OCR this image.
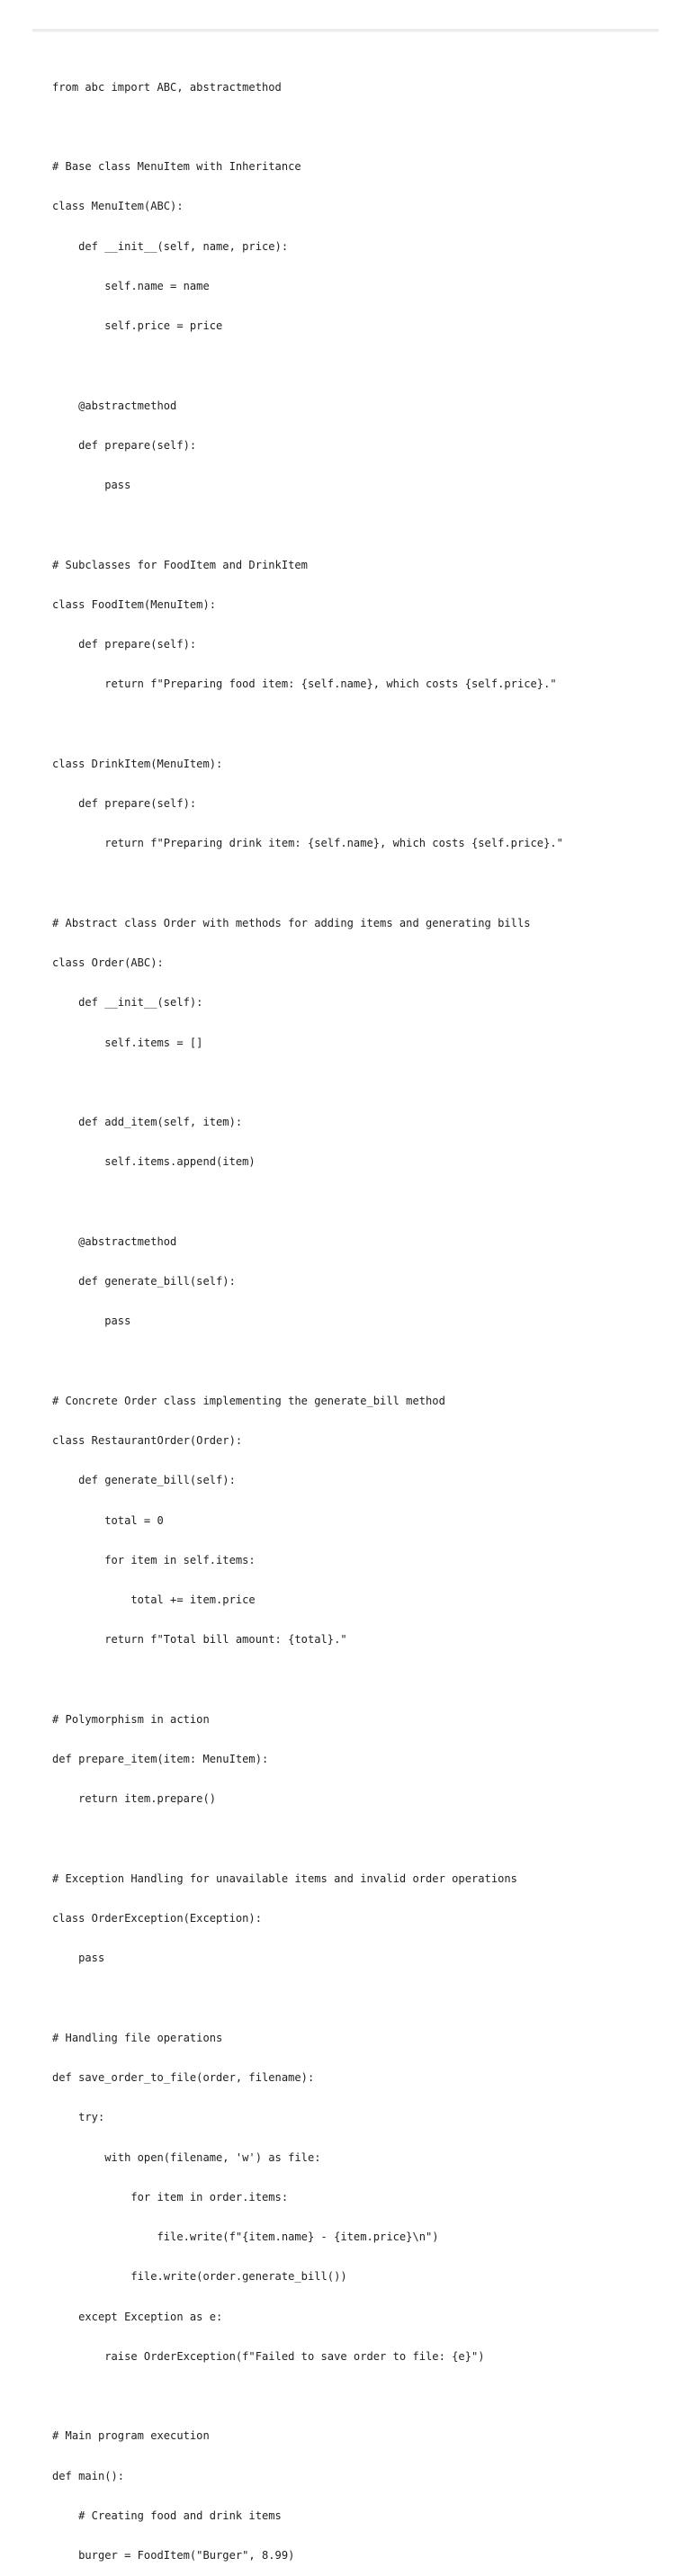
from abc import ABC, abstractmethod

# Base class MenuItem with Inheritance

class MenuItem(ABC):

def __init__(self, name, price):

self.name = name

self.price = price

@abstractmethod

def prepare(self):

pass

# Subclasses for FoodItem and DrinkItem

class FoodItem(MenuItem):

def prepare(self):

return f"Preparing food item: {self.name}, which costs {self.price}."

class DrinkItem(MenuItem):

def prepare(self):

return f"Preparing drink item: {self.name}, which costs {self.price}."

# Abstract class Order with methods for adding items and generating bills

class Order(ABC):

def __init__(self):

self.items = []

def add_item(self, item):

self.items.append(item)

@abstractmethod

def generate_bill(self):

pass

# Concrete Order class implementing the generate_bill method

class RestaurantOrder(Order):

def generate_bill(self):

total = 0

for item in self.items:

total += item.price

return f"Total bill amount: {total}."

# Polymorphism in action

def prepare_item(item: MenuItem):

return item.prepare()

# Exception Handling for unavailable items and invalid order operations

class OrderException(Exception):

pass

# Handling file operations

def save_order_to_file(order, filename):

try:

with open(filename, 'w') as file:

for item in order.items:

file.write(f"{item.name} - {item.price}\n")

file.write(order.generate_bill())

except Exception as e:

raise OrderException(f"Failed to save order to file: {e}")

# Main program execution

def main():

# Creating food and drink items

burger = FoodItem("Burger", 8.99)
